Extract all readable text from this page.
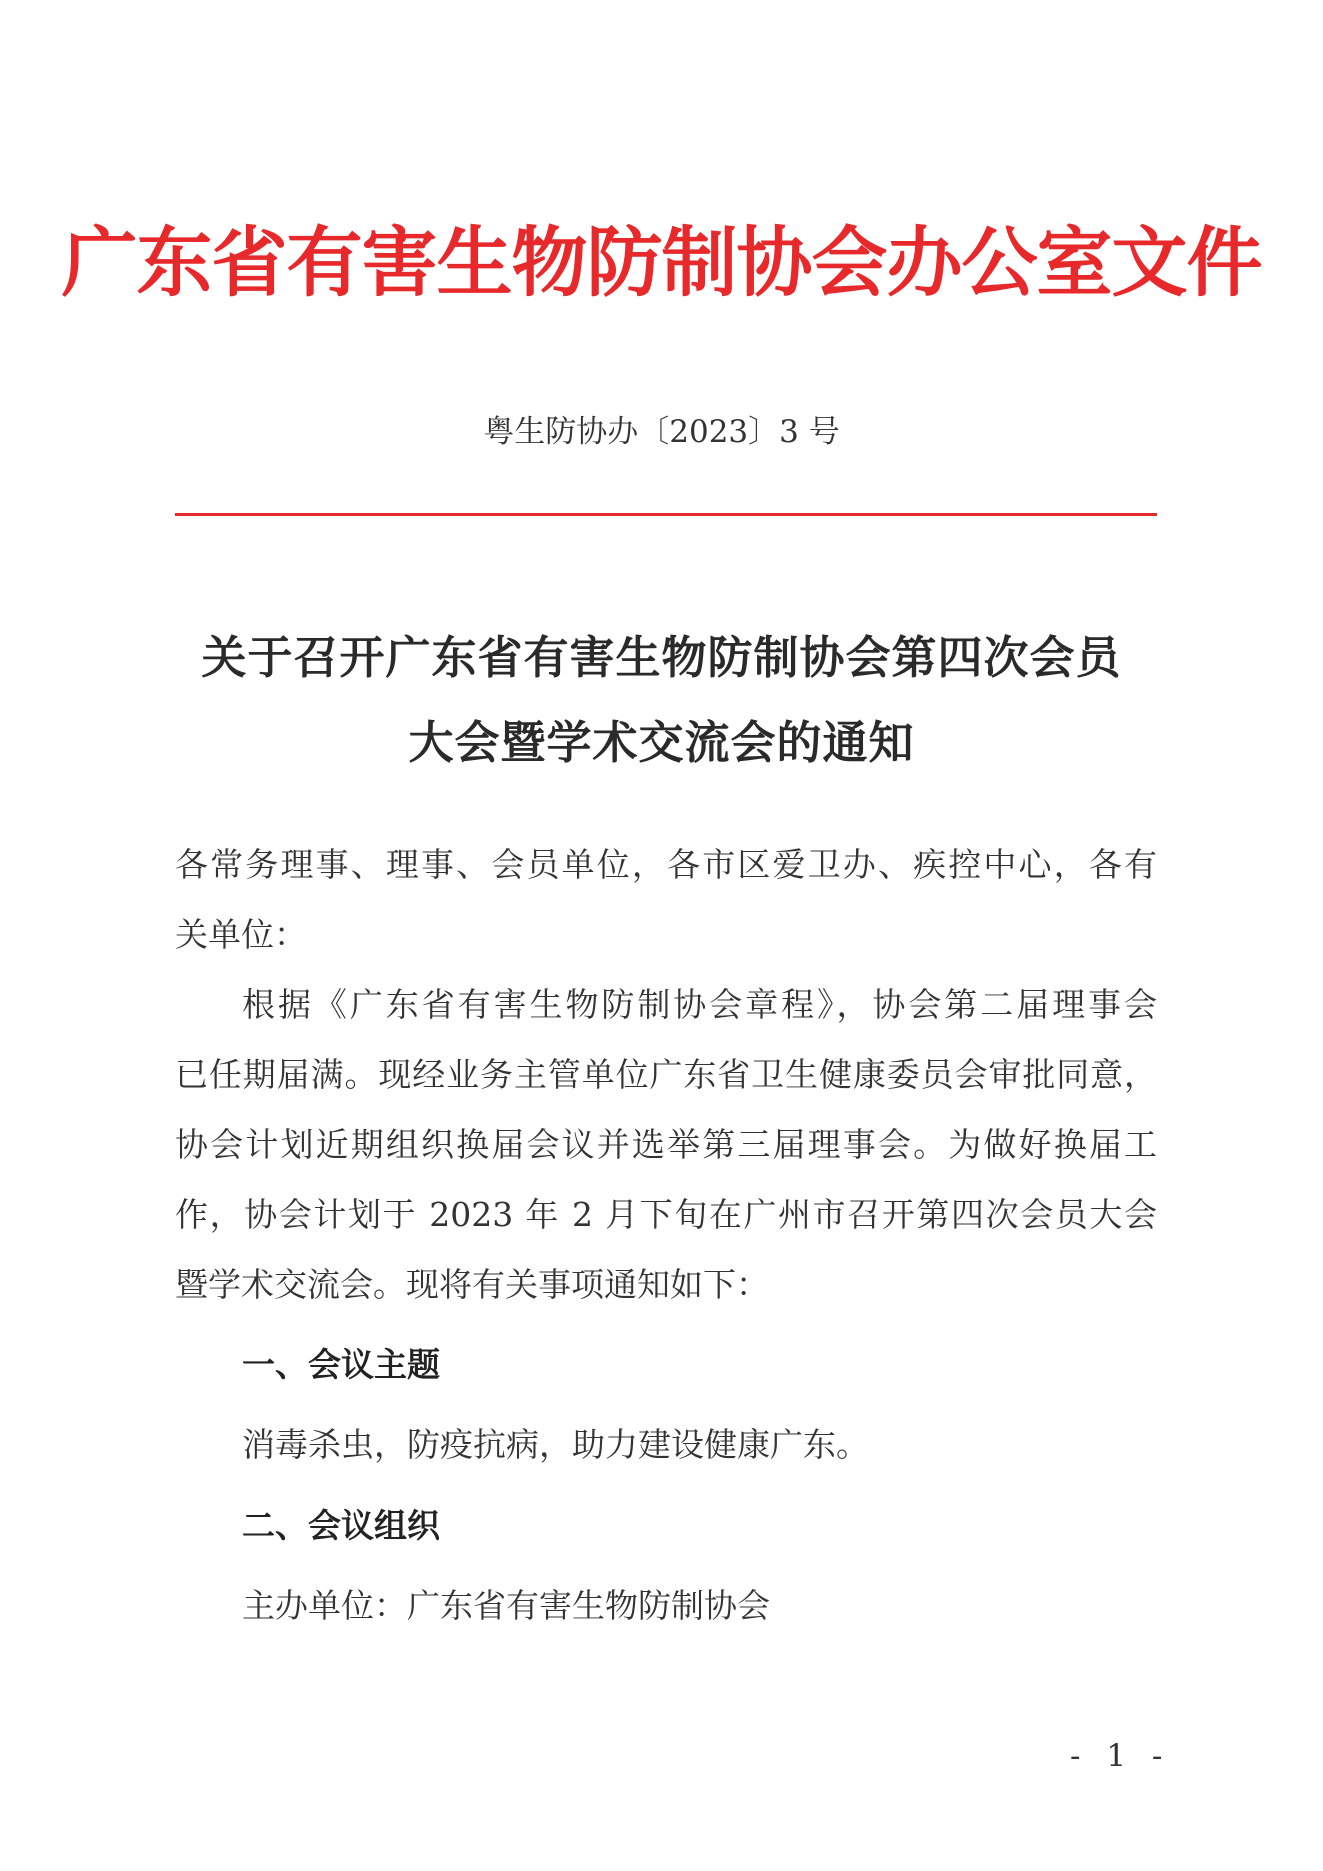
广东省有害生物防制协会办公室文件
粤生防协办〔2023〕3 号
关于召开广东省有害生物防制协会第四次会员
大会暨学术交流会的通知
各常务理事、理事、会员单位，各市区爱卫办、疾控中心，各有
关单位：
根据《广东省有害生物防制协会章程》，协会第二届理事会
已任期届满。现经业务主管单位广东省卫生健康委员会审批同意，
协会计划近期组织换届会议并选举第三届理事会。为做好换届工
作，协会计划于 2023 年 2 月下旬在广州市召开第四次会员大会
暨学术交流会。现将有关事项通知如下：
一、会议主题
消毒杀虫，防疫抗病，助力建设健康广东。
二、会议组织
主办单位：广东省有害生物防制协会
- 1 -
